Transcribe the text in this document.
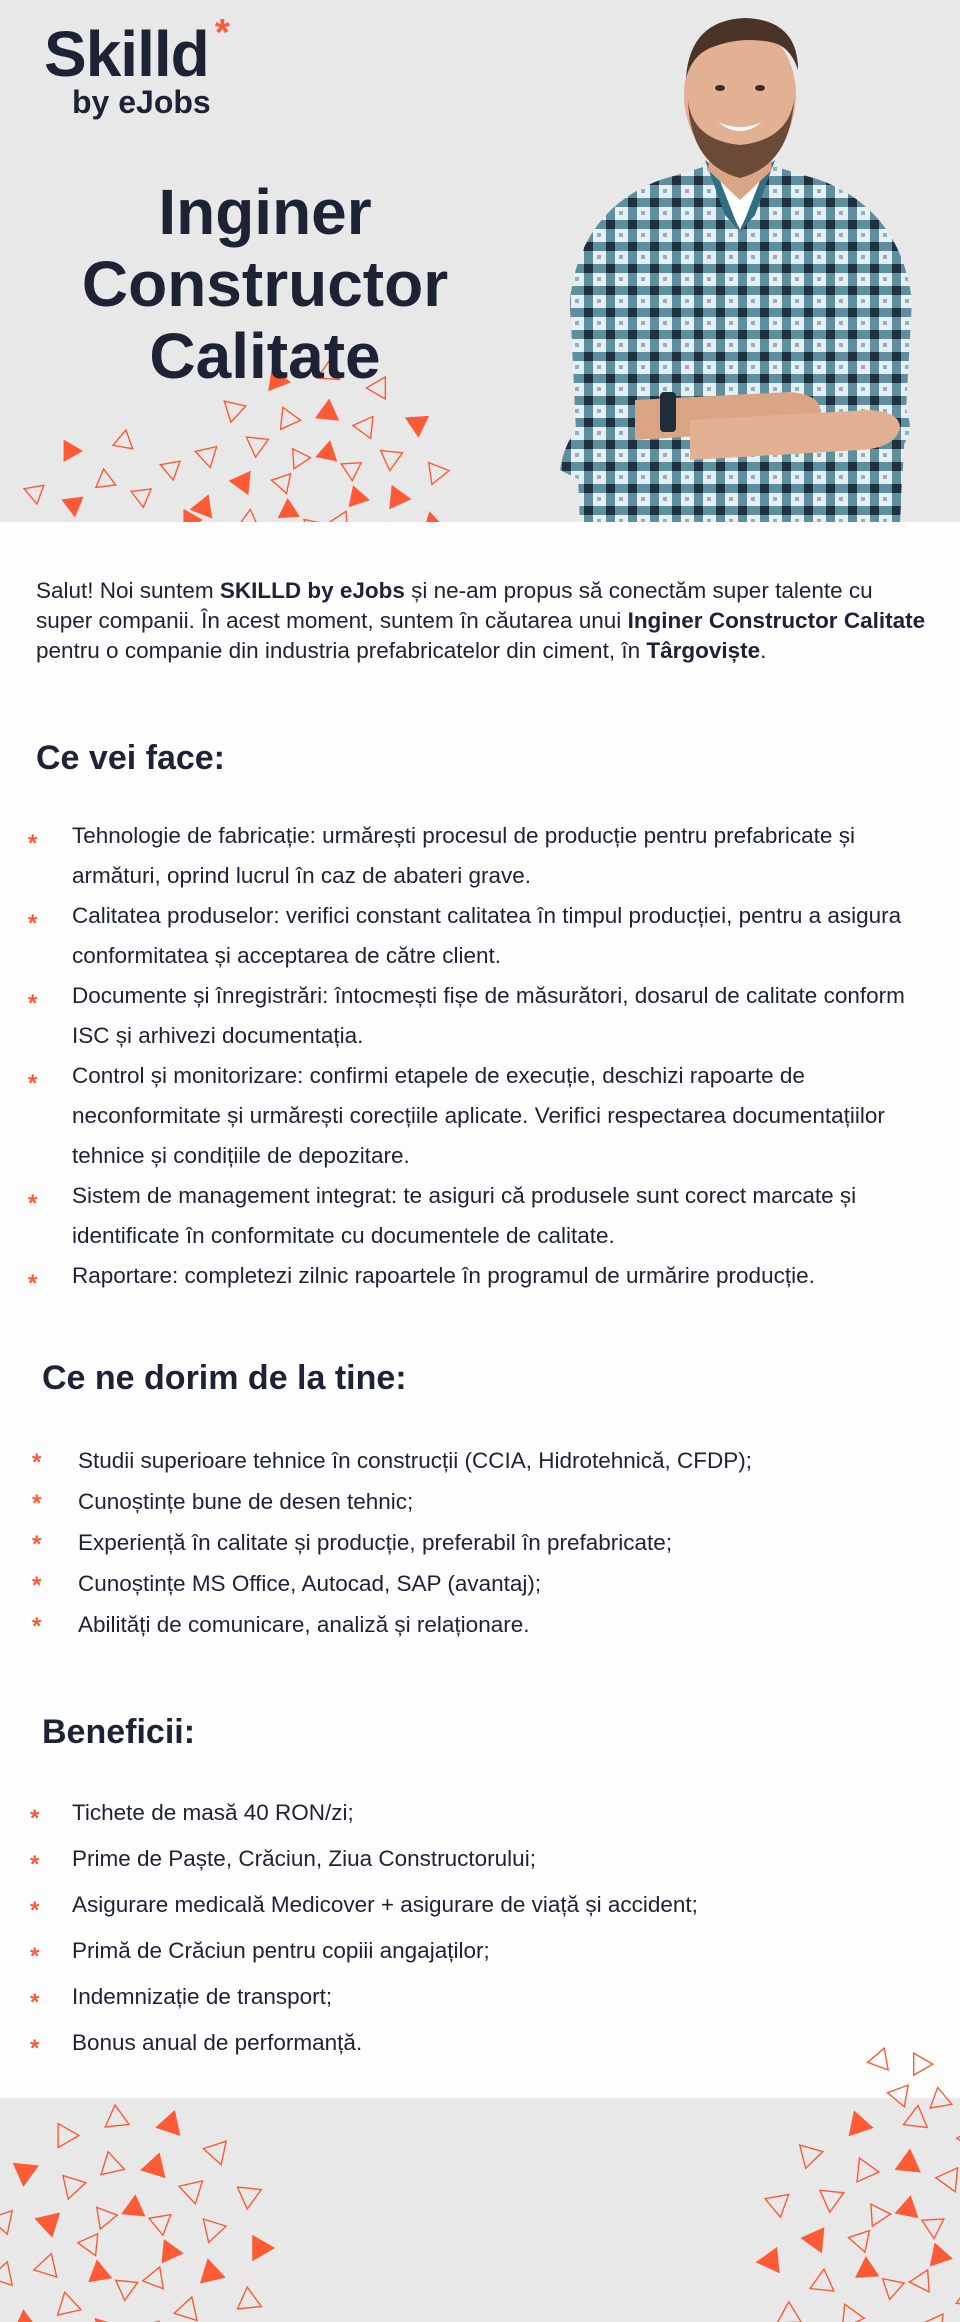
Skilld *
by eJobs
Inginer Constructor Calitate

Salut! Noi suntem SKILLD by eJobs și ne-am propus să conectăm super talente cu super companii. În acest moment, suntem în căutarea unui Inginer Constructor Calitate pentru o companie din industria prefabricatelor din ciment, în Târgoviște.

Ce vei face:
* Tehnologie de fabricație: urmărești procesul de producție pentru prefabricate și armături, oprind lucrul în caz de abateri grave.
* Calitatea produselor: verifici constant calitatea în timpul producției, pentru a asigura conformitatea și acceptarea de către client.
* Documente și înregistrări: întocmești fișe de măsurători, dosarul de calitate conform ISC și arhivezi documentația.
* Control și monitorizare: confirmi etapele de execuție, deschizi rapoarte de neconformitate și urmărești corecțiile aplicate. Verifici respectarea documentațiilor tehnice și condițiile de depozitare.
* Sistem de management integrat: te asiguri că produsele sunt corect marcate și identificate în conformitate cu documentele de calitate.
* Raportare: completezi zilnic rapoartele în programul de urmărire producție.
Ce ne dorim de la tine:
* Studii superioare tehnice în construcții (CCIA, Hidrotehnică, CFDP);
* Cunoștințe bune de desen tehnic;
* Experiență în calitate și producție, preferabil în prefabricate;
* Cunoștințe MS Office, Autocad, SAP (avantaj);
* Abilități de comunicare, analiză și relaționare.
Beneficii:
* Tichete de masă 40 RON/zi;
* Prime de Paște, Crăciun, Ziua Constructorului;
* Asigurare medicală Medicover + asigurare de viață și accident;
* Primă de Crăciun pentru copiii angajaților;
* Indemnizație de transport;
* Bonus anual de performanță.
